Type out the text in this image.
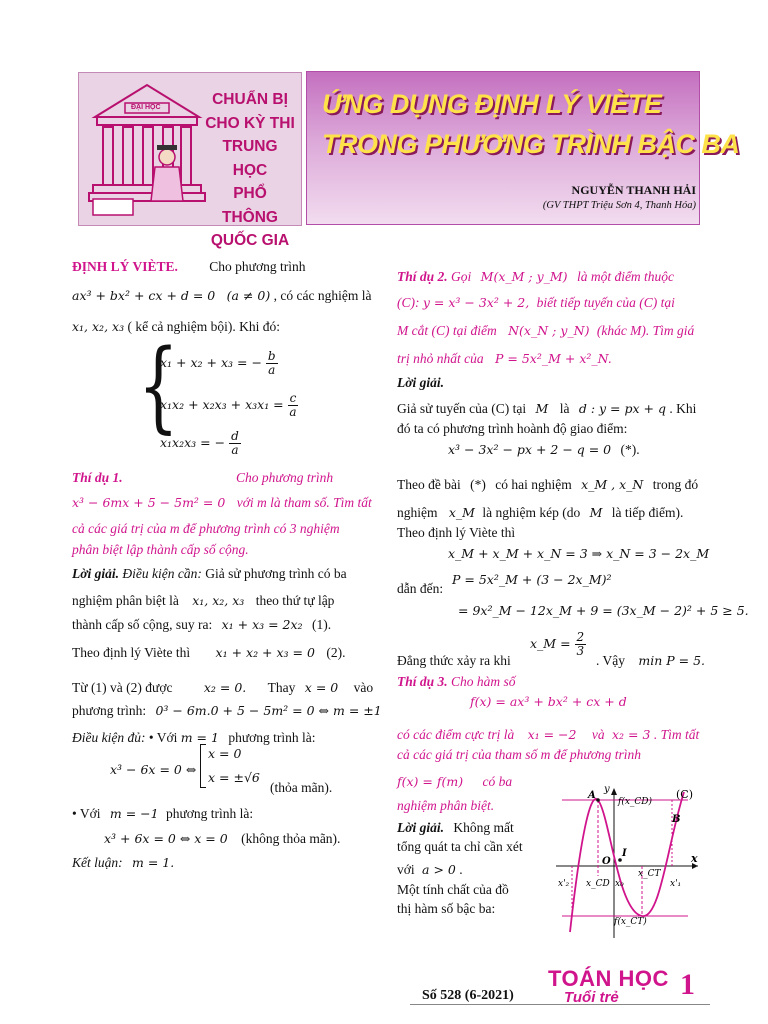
ĐẠI HỌC	CHUẨN BỊ
CHO KỲ THI
TRUNG HỌC
PHỔ THÔNG
QUỐC GIA
ỨNG DỤNG ĐỊNH LÝ VIÈTE
TRONG PHƯƠNG TRÌNH BẬC BA
NGUYỄN THANH HẢI
(GV THPT Triệu Sơn 4, Thanh Hóa)
ĐỊNH LÝ VIÈTE. Cho phương trình
ax³ + bx² + cx + d = 0 (a ≠ 0) , có các nghiệm là
x₁, x₂, x₃ ( kể cả nghiệm bội). Khi đó:
{
x₁ + x₂ + x₃ = − $\frac{b}{a}$
$x_1x_2 + x_2x_3 + x_3x_1 = \frac{c}{a}$
x₁x₂x₃ = − $\frac{d}{a}$
Thí dụ 1.	Cho phương trình
x³ − 6mx + 5 − 5m² = 0 với m là tham số. Tìm tất
cả các giá trị của m để phương trình có 3 nghiệm
phân biệt lập thành cấp số cộng.
Lời giải. Điều kiện cần: Giả sử phương trình có ba
nghiệm phân biệt là x₁, x₂, x₃ theo thứ tự lập
thành cấp số cộng, suy ra: x₁ + x₃ = 2x₂ (1).
Theo định lý Viète thì x₁ + x₂ + x₃ = 0 (2).
Từ (1) và (2) được	x₂ = 0. Thay x = 0 vào
phương trình: 0³ − 6m.0 + 5 − 5m² = 0 ⇔ m = ±1
Điều kiện đủ: • Với m = 1 phương trình là:
x³ − 6x = 0 ⇔
x = 0
x = ±√6
(thỏa mãn).
• Với m = −1 phương trình là:
x³ + 6x = 0 ⇔ x = 0 (không thỏa mãn).
Kết luận: m = 1.
Thí dụ 2. Gọi M(x_M ; y_M) là một điểm thuộc
(C): y = x³ − 3x² + 2, biết tiếp tuyến của (C) tại
M cắt (C) tại điểm N(x_N ; y_N) (khác M). Tìm giá
trị nhỏ nhất của P = 5x²_M + x²_N.
Lời giải.
Giả sử tuyến của (C) tại M là d : y = px + q . Khi
đó ta có phương trình hoành độ giao điểm:
x³ − 3x² − px + 2 − q = 0 (*).
Theo đề bài (*) có hai nghiệm x_M , x_N trong đó
nghiệm x_M là nghiệm kép (do M là tiếp điểm).
Theo định lý Viète thì
x_M + x_M + x_N = 3 ⇒ x_N = 3 − 2x_M
dẫn đến:
P = 5x²_M + (3 − 2x_M)²
= 9x²_M − 12x_M + 9 = (3x_M − 2)² + 5 ≥ 5.
Đẳng thức xảy ra khi
x_M = $\frac{2}{3}$
. Vậy min P = 5.
Thí dụ 3. Cho hàm số
f(x) = ax³ + bx² + cx + d
có các điểm cực trị là x₁ = −2 và x₂ = 3 . Tìm tất
cả các giá trị của tham số m để phương trình
f(x) = f(m) có ba
nghiệm phân biệt.
Lời giải. Không mất
tổng quát ta chỉ cần xét
với a > 0 .
Một tính chất của đồ
thị hàm số bậc ba:
y
x
(C)
A
B
O
I
f(x_CD)
f(x_CT)
x'₂ x_CD x₀
x_CT
x'₁
Số 528 (6-2021)
TOÁN HỌC
Tuổi trẻ 1
